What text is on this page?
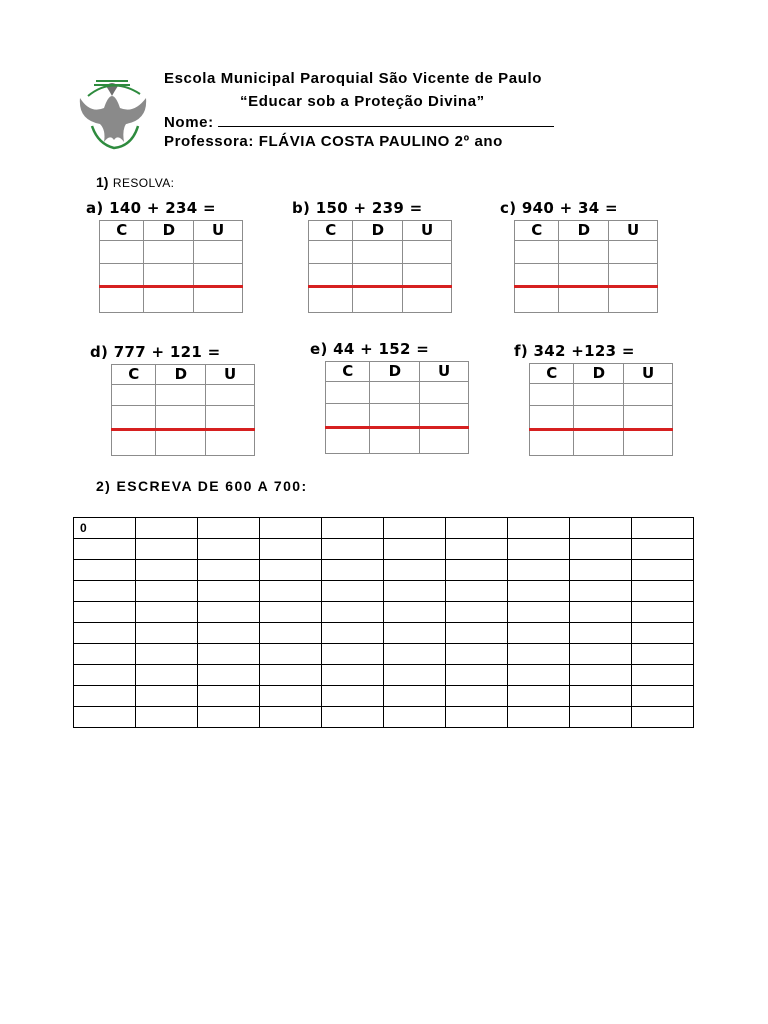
Escola Municipal Paroquial São Vicente de Paulo
“Educar sob a Proteção Divina”
Nome:
Professora: FLÁVIA COSTA PAULINO 2º ano
1) RESOLVA:
a) 140 + 234 =
C	D	U

b) 150 + 239 =
C	D	U

c) 940 + 34 =
C	D	U

d) 777 + 121 =
C	D	U

e) 44 + 152 =
C	D	U

f) 342 +123 =
C	D	U

2) ESCREVA DE 600 A 700:
0									
